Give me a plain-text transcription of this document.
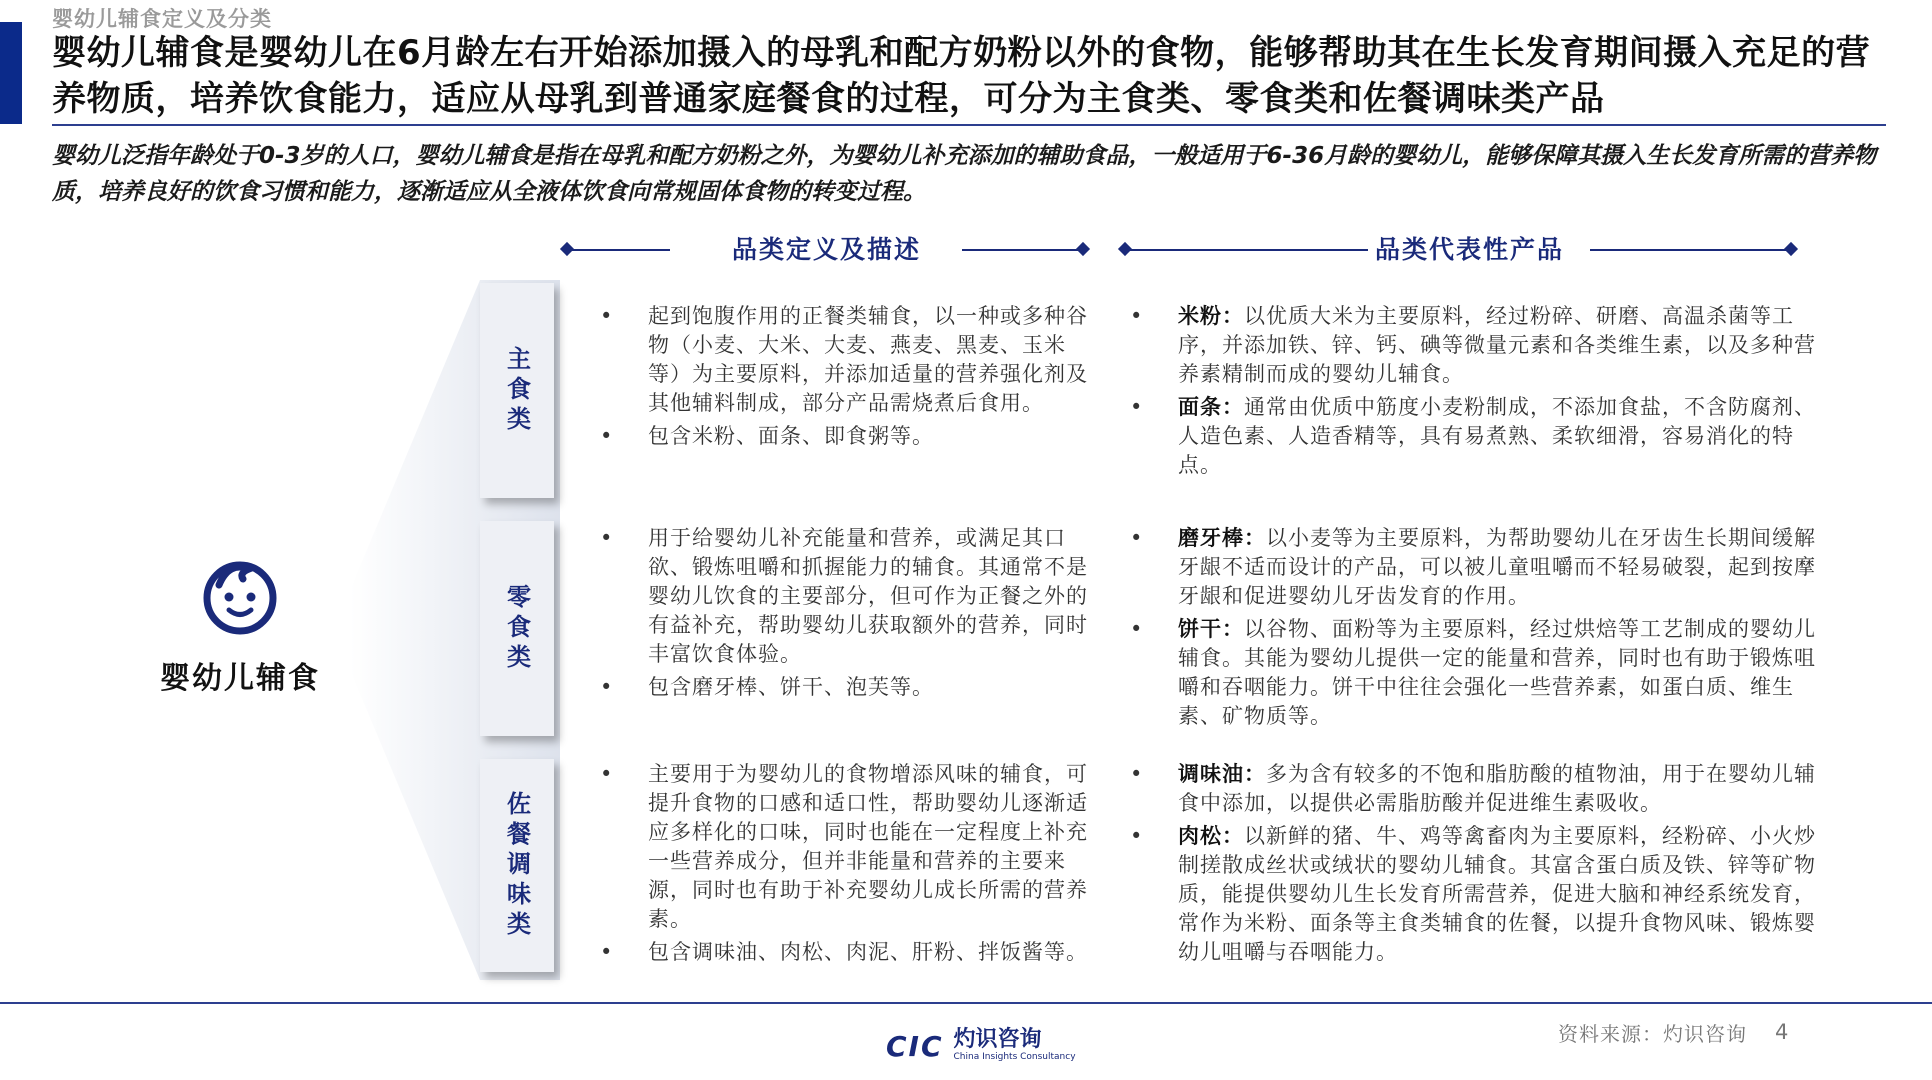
婴幼儿辅食定义及分类
婴幼儿辅食是婴幼儿在6月龄左右开始添加摄入的母乳和配方奶粉以外的食物，能够帮助其在生长发育期间摄入充足的营养物质，培养饮食能力，适应从母乳到普通家庭餐食的过程，可分为主食类、零食类和佐餐调味类产品
婴幼儿泛指年龄处于0-3岁的人口，婴幼儿辅食是指在母乳和配方奶粉之外，为婴幼儿补充添加的辅助食品，一般适用于6-36月龄的婴幼儿，能够保障其摄入生长发育所需的营养物质，培养良好的饮食习惯和能力，逐渐适应从全液体饮食向常规固体食物的转变过程。
品类定义及描述	品类代表性产品
婴幼儿辅食
主食类
零食类
佐餐调味类
• 起到饱腹作用的正餐类辅食，以一种或多种谷物（小麦、大米、大麦、燕麦、黑麦、玉米等）为主要原料，并添加适量的营养强化剂及其他辅料制成，部分产品需烧煮后食用。
• 包含米粉、面条、即食粥等。
• 米粉：以优质大米为主要原料，经过粉碎、研磨、高温杀菌等工序，并添加铁、锌、钙、碘等微量元素和各类维生素，以及多种营养素精制而成的婴幼儿辅食。
• 面条：通常由优质中筋度小麦粉制成，不添加食盐，不含防腐剂、人造色素、人造香精等，具有易煮熟、柔软细滑，容易消化的特点。
• 用于给婴幼儿补充能量和营养，或满足其口欲、锻炼咀嚼和抓握能力的辅食。其通常不是婴幼儿饮食的主要部分，但可作为正餐之外的有益补充，帮助婴幼儿获取额外的营养，同时丰富饮食体验。
• 包含磨牙棒、饼干、泡芙等。
• 磨牙棒：以小麦等为主要原料，为帮助婴幼儿在牙齿生长期间缓解牙龈不适而设计的产品，可以被儿童咀嚼而不轻易破裂，起到按摩牙龈和促进婴幼儿牙齿发育的作用。
• 饼干：以谷物、面粉等为主要原料，经过烘焙等工艺制成的婴幼儿辅食。其能为婴幼儿提供一定的能量和营养，同时也有助于锻炼咀嚼和吞咽能力。饼干中往往会强化一些营养素，如蛋白质、维生素、矿物质等。
• 主要用于为婴幼儿的食物增添风味的辅食，可提升食物的口感和适口性，帮助婴幼儿逐渐适应多样化的口味，同时也能在一定程度上补充一些营养成分，但并非能量和营养的主要来源，同时也有助于补充婴幼儿成长所需的营养素。
• 包含调味油、肉松、肉泥、肝粉、拌饭酱等。
• 调味油：多为含有较多的不饱和脂肪酸的植物油，用于在婴幼儿辅食中添加，以提供必需脂肪酸并促进维生素吸收。
• 肉松：以新鲜的猪、牛、鸡等禽畜肉为主要原料，经粉碎、小火炒制搓散成丝状或绒状的婴幼儿辅食。其富含蛋白质及铁、锌等矿物质，能提供婴幼儿生长发育所需营养，促进大脑和神经系统发育，常作为米粉、面条等主食类辅食的佐餐，以提升食物风味、锻炼婴幼儿咀嚼与吞咽能力。
CIC 灼识咨询
China Insights Consultancy
资料来源：灼识咨询 4
